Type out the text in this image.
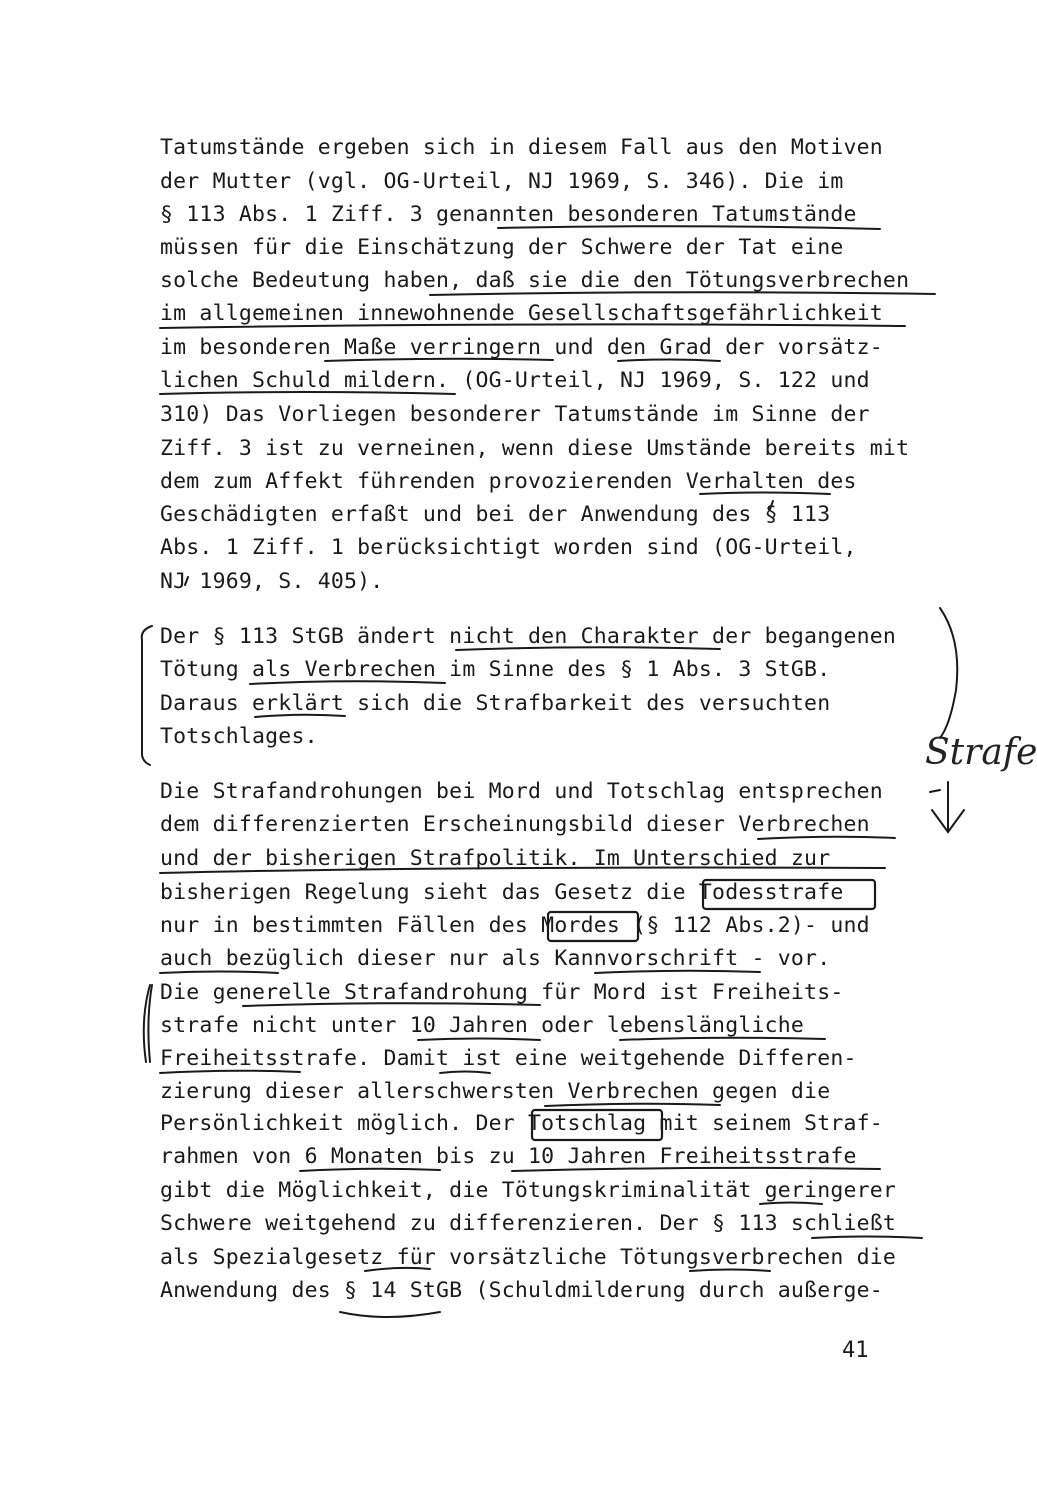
Tatumstände ergeben sich in diesem Fall aus den Motiven
der Mutter (vgl. OG-Urteil, NJ 1969, S. 346). Die im
§ 113 Abs. 1 Ziff. 3 genannten besonderen Tatumstände
müssen für die Einschätzung der Schwere der Tat eine
solche Bedeutung haben, daß sie die den Tötungsverbrechen
im allgemeinen innewohnende Gesellschaftsgefährlichkeit
im besonderen Maße verringern und den Grad der vorsätz-
lichen Schuld mildern. (OG-Urteil, NJ 1969, S. 122 und
310) Das Vorliegen besonderer Tatumstände im Sinne der
Ziff. 3 ist zu verneinen, wenn diese Umstände bereits mit
dem zum Affekt führenden provozierenden Verhalten des
Geschädigten erfaßt und bei der Anwendung des § 113
Abs. 1 Ziff. 1 berücksichtigt worden sind (OG-Urteil,
NJ 1969, S. 405).
Der § 113 StGB ändert nicht den Charakter der begangenen
Tötung als Verbrechen im Sinne des § 1 Abs. 3 StGB.
Daraus erklärt sich die Strafbarkeit des versuchten
Totschlages.
Die Strafandrohungen bei Mord und Totschlag entsprechen
dem differenzierten Erscheinungsbild dieser Verbrechen
und der bisherigen Strafpolitik. Im Unterschied zur
bisherigen Regelung sieht das Gesetz die Todesstrafe
nur in bestimmten Fällen des Mordes (§ 112 Abs.2)- und
auch bezüglich dieser nur als Kannvorschrift - vor.
Die generelle Strafandrohung für Mord ist Freiheits-
strafe nicht unter 10 Jahren oder lebenslängliche
Freiheitsstrafe. Damit ist eine weitgehende Differen-
zierung dieser allerschwersten Verbrechen gegen die
Persönlichkeit möglich. Der Totschlag mit seinem Straf-
rahmen von 6 Monaten bis zu 10 Jahren Freiheitsstrafe
gibt die Möglichkeit, die Tötungskriminalität geringerer
Schwere weitgehend zu differenzieren. Der § 113 schließt
als Spezialgesetz für vorsätzliche Tötungsverbrechen die
Anwendung des § 14 StGB (Schuldmilderung durch außerge-
Strafe
41
